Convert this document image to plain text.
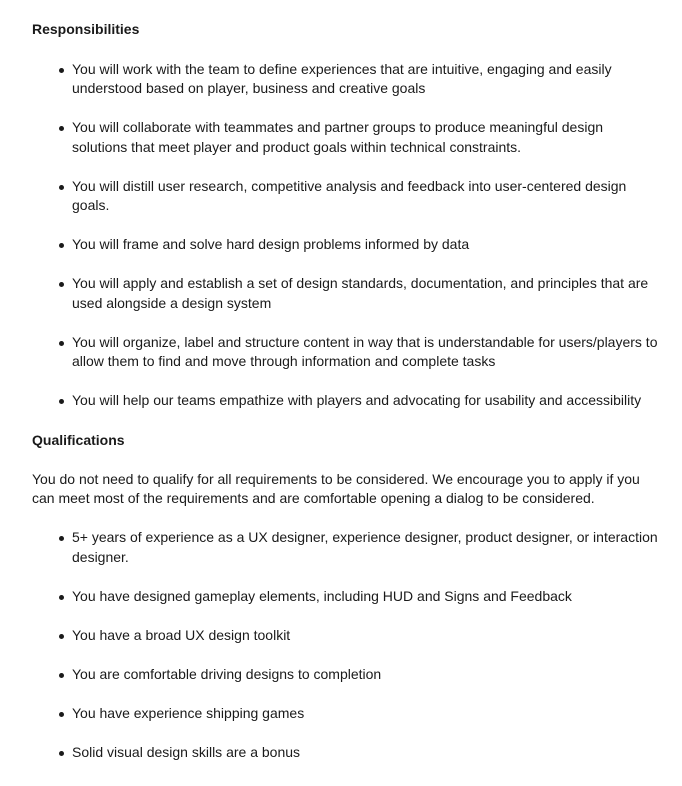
Responsibilities
You will work with the team to define experiences that are intuitive, engaging and easily understood based on player, business and creative goals
You will collaborate with teammates and partner groups to produce meaningful design solutions that meet player and product goals within technical constraints.
You will distill user research, competitive analysis and feedback into user-centered design goals.
You will frame and solve hard design problems informed by data
You will apply and establish a set of design standards, documentation, and principles that are used alongside a design system
You will organize, label and structure content in way that is understandable for users/players to allow them to find and move through information and complete tasks
You will help our teams empathize with players and advocating for usability and accessibility
Qualifications

You do not need to qualify for all requirements to be considered. We encourage you to apply if you can meet most of the requirements and are comfortable opening a dialog to be considered.

5+ years of experience as a UX designer, experience designer, product designer, or interaction designer.
You have designed gameplay elements, including HUD and Signs and Feedback
You have a broad UX design toolkit
You are comfortable driving designs to completion
You have experience shipping games
Solid visual design skills are a bonus
